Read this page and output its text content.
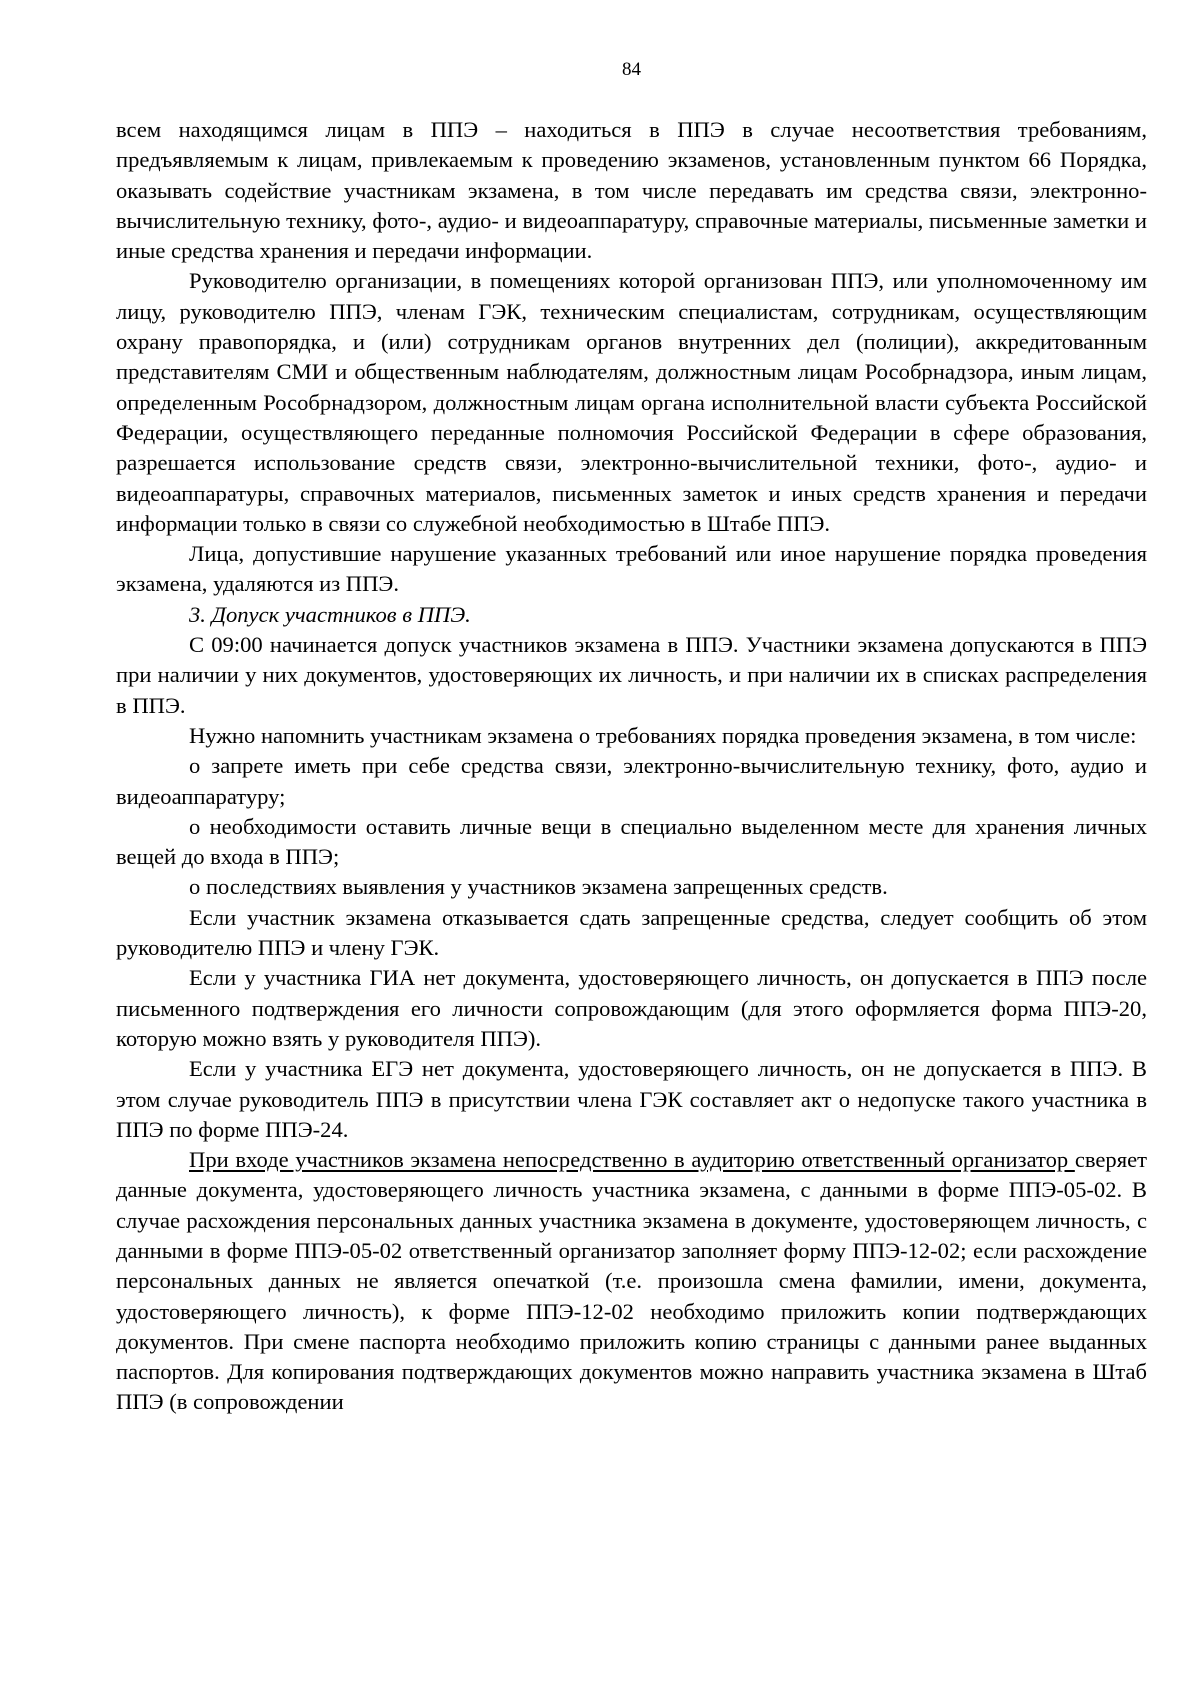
84

всем находящимся лицам в ППЭ – находиться в ППЭ в случае несоответствия требованиям, предъявляемым к лицам, привлекаемым к проведению экзаменов, установленным пунктом 66 Порядка, оказывать содействие участникам экзамена, в том числе передавать им средства связи, электронно-вычислительную технику, фото-, аудио- и видеоаппаратуру, справочные материалы, письменные заметки и иные средства хранения и передачи информации.

Руководителю организации, в помещениях которой организован ППЭ, или уполномоченному им лицу, руководителю ППЭ, членам ГЭК, техническим специалистам, сотрудникам, осуществляющим охрану правопорядка, и (или) сотрудникам органов внутренних дел (полиции), аккредитованным представителям СМИ и общественным наблюдателям, должностным лицам Рособрнадзора, иным лицам, определенным Рособрнадзором, должностным лицам органа исполнительной власти субъекта Российской Федерации, осуществляющего переданные полномочия Российской Федерации в сфере образования, разрешается использование средств связи, электронно-вычислительной техники, фото-, аудио- и видеоаппаратуры, справочных материалов, письменных заметок и иных средств хранения и передачи информации только в связи со служебной необходимостью в Штабе ППЭ.

Лица, допустившие нарушение указанных требований или иное нарушение порядка проведения экзамена, удаляются из ППЭ.

3. Допуск участников в ППЭ.

С 09:00 начинается допуск участников экзамена в ППЭ. Участники экзамена допускаются в ППЭ при наличии у них документов, удостоверяющих их личность, и при наличии их в списках распределения в ППЭ.

Нужно напомнить участникам экзамена о требованиях порядка проведения экзамена, в том числе:

о запрете иметь при себе средства связи, электронно-вычислительную технику, фото, аудио и видеоаппаратуру;

о необходимости оставить личные вещи в специально выделенном месте для хранения личных вещей до входа в ППЭ;

о последствиях выявления у участников экзамена запрещенных средств.

Если участник экзамена отказывается сдать запрещенные средства, следует сообщить об этом руководителю ППЭ и члену ГЭК.

Если у участника ГИА нет документа, удостоверяющего личность, он допускается в ППЭ после письменного подтверждения его личности сопровождающим (для этого оформляется форма ППЭ-20, которую можно взять у руководителя ППЭ).

Если у участника ЕГЭ нет документа, удостоверяющего личность, он не допускается в ППЭ. В этом случае руководитель ППЭ в присутствии члена ГЭК составляет акт о недопуске такого участника в ППЭ по форме ППЭ-24.

При входе участников экзамена непосредственно в аудиторию ответственный организатор сверяет данные документа, удостоверяющего личность участника экзамена, с данными в форме ППЭ-05-02. В случае расхождения персональных данных участника экзамена в документе, удостоверяющем личность, с данными в форме ППЭ-05-02 ответственный организатор заполняет форму ППЭ-12-02; если расхождение персональных данных не является опечаткой (т.е. произошла смена фамилии, имени, документа, удостоверяющего личность), к форме ППЭ-12-02 необходимо приложить копии подтверждающих документов. При смене паспорта необходимо приложить копию страницы с данными ранее выданных паспортов. Для копирования подтверждающих документов можно направить участника экзамена в Штаб ППЭ (в сопровождении
